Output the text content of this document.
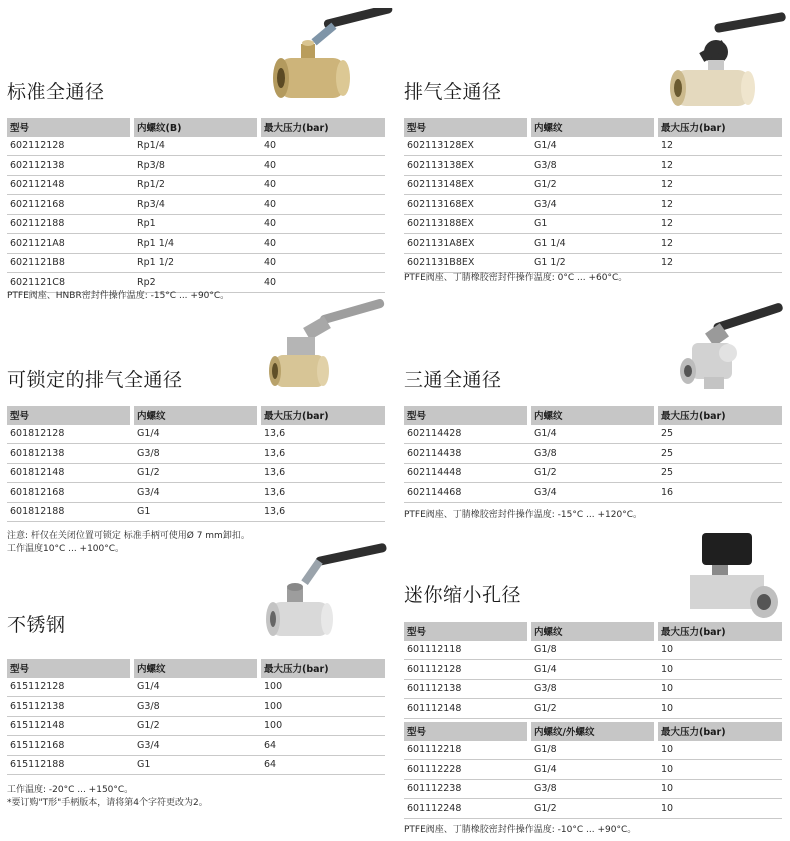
标准全通径
型号	内螺纹(B)	最大压力(bar)
602112128	Rp1/4	40
602112138	Rp3/8	40
602112148	Rp1/2	40
602112168	Rp3/4	40
602112188	Rp1	40
6021121A8	Rp1 1/4	40
6021121B8	Rp1 1/2	40
6021121C8	Rp2	40
PTFE阀座、HNBR密封件操作温度: -15°C ... +90°C。
排气全通径
型号	内螺纹	最大压力(bar)
602113128EX	G1/4	12
602113138EX	G3/8	12
602113148EX	G1/2	12
602113168EX	G3/4	12
602113188EX	G1	12
6021131A8EX	G1 1/4	12
6021131B8EX	G1 1/2	12
PTFE阀座、丁腈橡胶密封件操作温度: 0°C ... +60°C。
可锁定的排气全通径
型号	内螺纹	最大压力(bar)
601812128	G1/4	13,6
601812138	G3/8	13,6
601812148	G1/2	13,6
601812168	G3/4	13,6
601812188	G1	13,6
注意: 杆仅在关闭位置可锁定 标准手柄可使用Ø 7 mm卸扣。
工作温度10°C ... +100°C。
三通全通径
型号	内螺纹	最大压力(bar)
602114428	G1/4	25
602114438	G3/8	25
602114448	G1/2	25
602114468	G3/4	16
PTFE阀座、丁腈橡胶密封件操作温度: -15°C ... +120°C。
不锈钢
型号	内螺纹	最大压力(bar)
615112128	G1/4	100
615112138	G3/8	100
615112148	G1/2	100
615112168	G3/4	64
615112188	G1	64
工作温度: -20°C ... +150°C。
*要订购"T形"手柄版本，请将第4个字符更改为2。
迷你缩小孔径
型号	内螺纹	最大压力(bar)
601112118	G1/8	10
601112128	G1/4	10
601112138	G3/8	10
601112148	G1/2	10
型号	内螺纹/外螺纹	最大压力(bar)
601112218	G1/8	10
601112228	G1/4	10
601112238	G3/8	10
601112248	G1/2	10
PTFE阀座、丁腈橡胶密封件操作温度: -10°C ... +90°C。
